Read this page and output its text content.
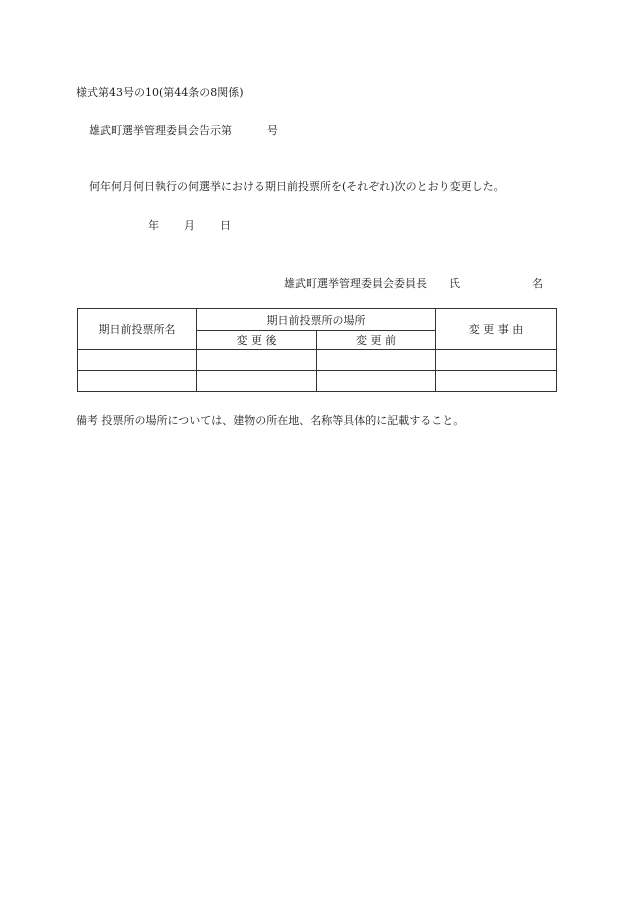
様式第43号の10(第44条の8関係)
雄武町選挙管理委員会告示第	号
何年何月何日執行の何選挙における期日前投票所を(それぞれ)次のとおり変更した。
年 月 日
雄武町選挙管理委員会委員長 氏	名
期日前投票所名	期日前投票所の場所		変 更 事 由
	変 更 後	変 更 前	

備考 投票所の場所については、建物の所在地、名称等具体的に記載すること。
